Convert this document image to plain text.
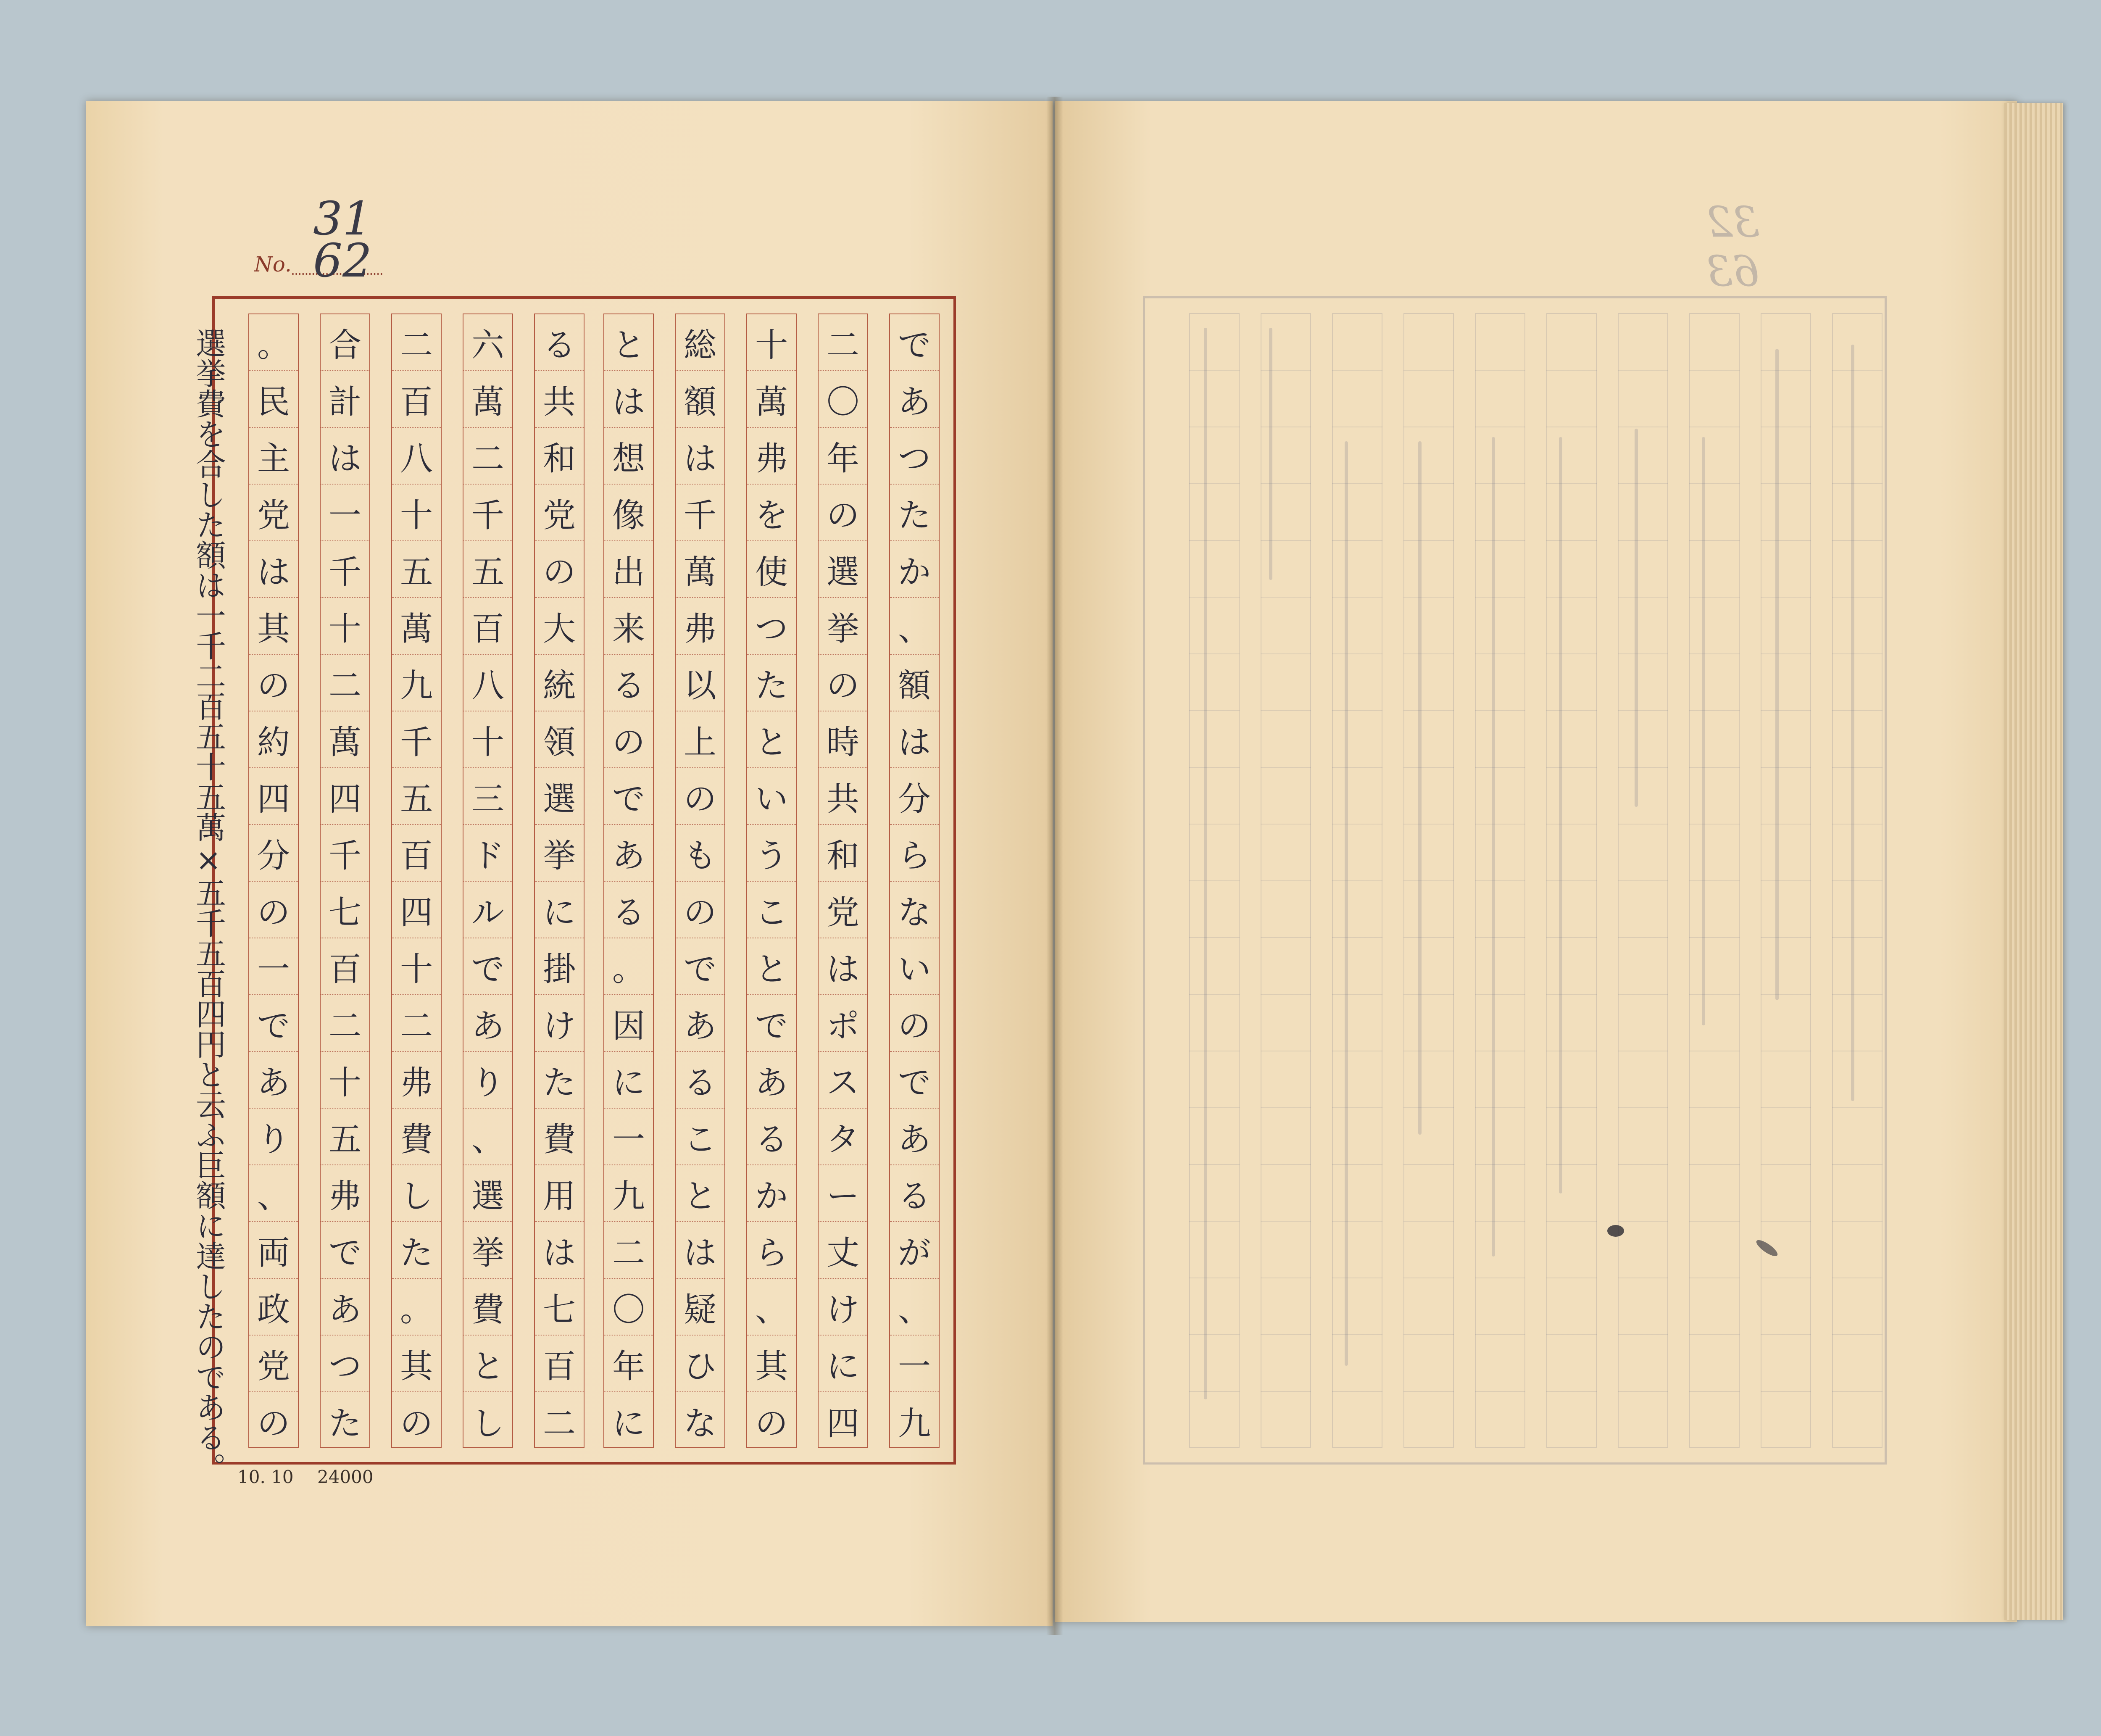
No.
31
62
で
あ
つ
た
か
、
額
は
分
ら
な
い
の
で
あ
る
が
、
一
九
二
〇
年
の
選
挙
の
時
共
和
党
は
ポ
ス
タ
ー
丈
け
に
四
十
萬
弗
を
使
つ
た
と
い
う
こ
と
で
あ
る
か
ら
、
其
の
総
額
は
千
萬
弗
以
上
の
も
の
で
あ
る
こ
と
は
疑
ひ
な
と
は
想
像
出
来
る
の
で
あ
る
。
因
に
一
九
二
〇
年
に
る
共
和
党
の
大
統
領
選
挙
に
掛
け
た
費
用
は
七
百
二
六
萬
二
千
五
百
八
十
三
ド
ル
で
あ
り
、
選
挙
費
と
し
二
百
八
十
五
萬
九
千
五
百
四
十
二
弗
費
し
た
。
其
の
合
計
は
一
千
十
二
萬
四
千
七
百
二
十
五
弗
で
あ
つ
た
。
民
主
党
は
其
の
約
四
分
の
一
で
あ
り
、
両
政
党
の
10. 10 24000
選挙費を合した額は一千二百五十五萬×五千五百四円と云ふ巨額に達したのである。
32
63
